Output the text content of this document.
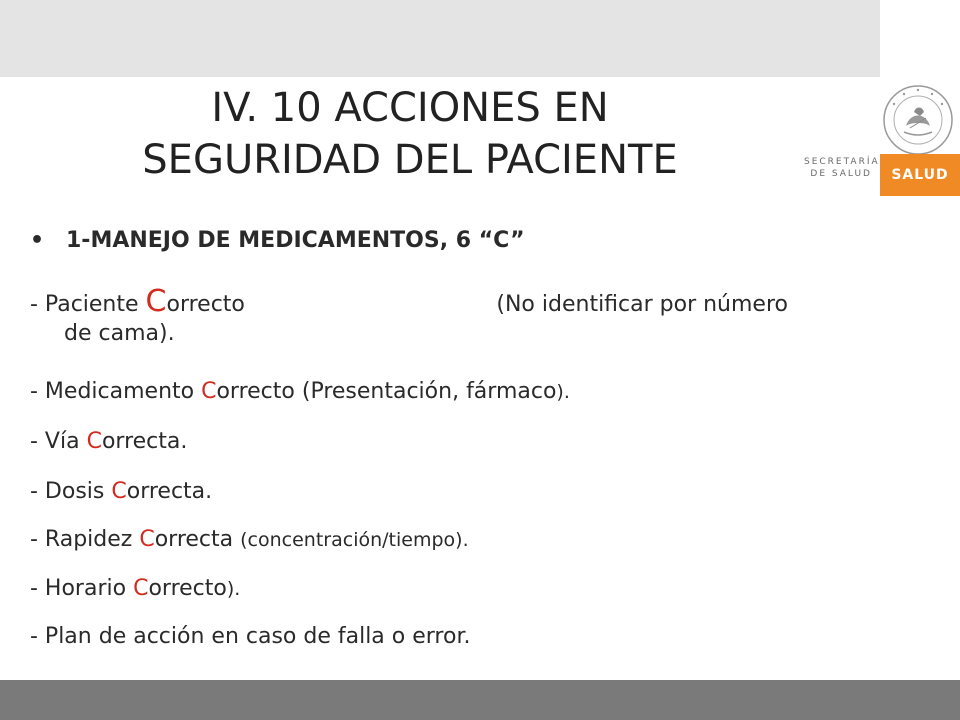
SECRETARÍA
DE SALUD SALUD
IV. 10 ACCIONES EN
SEGURIDAD DEL PACIENTE
• 1-MANEJO DE MEDICAMENTOS, 6 “C”
- Paciente Correcto	(No identificar por número
de cama).
- Medicamento Correcto (Presentación, fármaco).
- Vía Correcta.
- Dosis Correcta.
- Rapidez Correcta (concentración/tiempo).
- Horario Correcto).
- Plan de acción en caso de falla o error.
